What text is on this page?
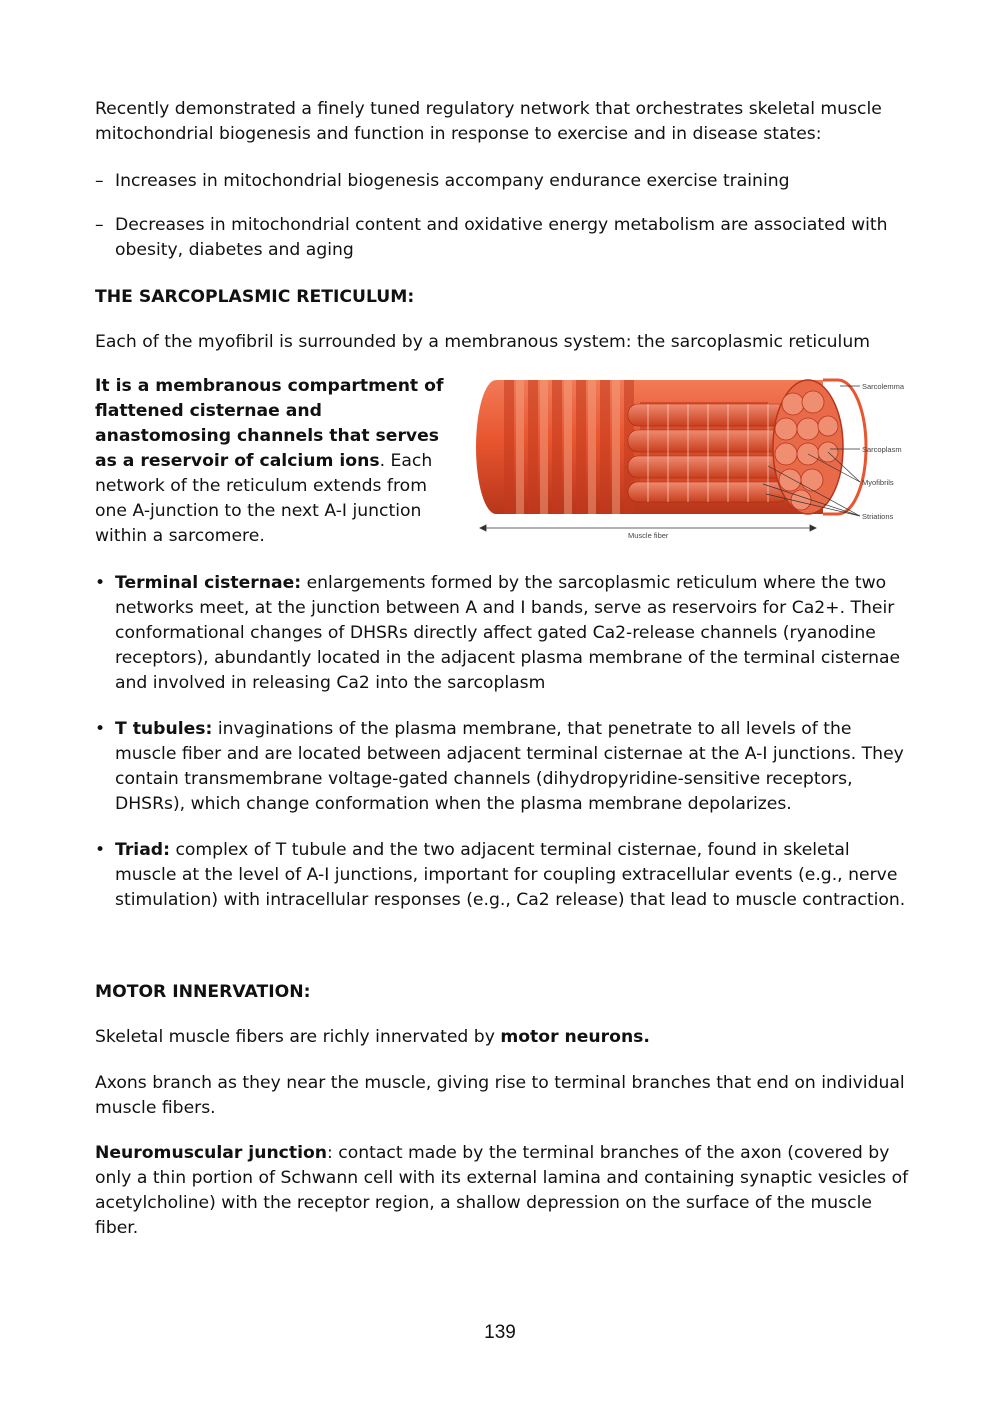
Recently demonstrated a finely tuned regulatory network that orchestrates skeletal muscle mitochondrial biogenesis and function in response to exercise and in disease states:

– Increases in mitochondrial biogenesis accompany endurance exercise training
– Decreases in mitochondrial content and oxidative energy metabolism are associated with obesity, diabetes and aging

THE SARCOPLASMIC RETICULUM:

Each of the myofibril is surrounded by a membranous system: the sarcoplasmic reticulum

It is a membranous compartment of flattened cisternae and anastomosing channels that serves as a reservoir of calcium ions. Each network of the reticulum extends from one A-junction to the next A-I junction within a sarcomere.
Sarcolemma
Sarcoplasm
Myofibrils
Striations
Muscle fiber
• Terminal cisternae: enlargements formed by the sarcoplasmic reticulum where the two networks meet, at the junction between A and I bands, serve as reservoirs for Ca2+. Their conformational changes of DHSRs directly affect gated Ca2-release channels (ryanodine receptors), abundantly located in the adjacent plasma membrane of the terminal cisternae and involved in releasing Ca2 into the sarcoplasm
• T tubules: invaginations of the plasma membrane, that penetrate to all levels of the muscle fiber and are located between adjacent terminal cisternae at the A-I junctions. They contain transmembrane voltage-gated channels (dihydropyridine-sensitive receptors, DHSRs), which change conformation when the plasma membrane depolarizes.
• Triad: complex of T tubule and the two adjacent terminal cisternae, found in skeletal muscle at the level of A-I junctions, important for coupling extracellular events (e.g., nerve stimulation) with intracellular responses (e.g., Ca2 release) that lead to muscle contraction.

MOTOR INNERVATION:

Skeletal muscle fibers are richly innervated by motor neurons.

Axons branch as they near the muscle, giving rise to terminal branches that end on individual muscle fibers.

Neuromuscular junction: contact made by the terminal branches of the axon (covered by only a thin portion of Schwann cell with its external lamina and containing synaptic vesicles of acetylcholine) with the receptor region, a shallow depression on the surface of the muscle fiber.

139
